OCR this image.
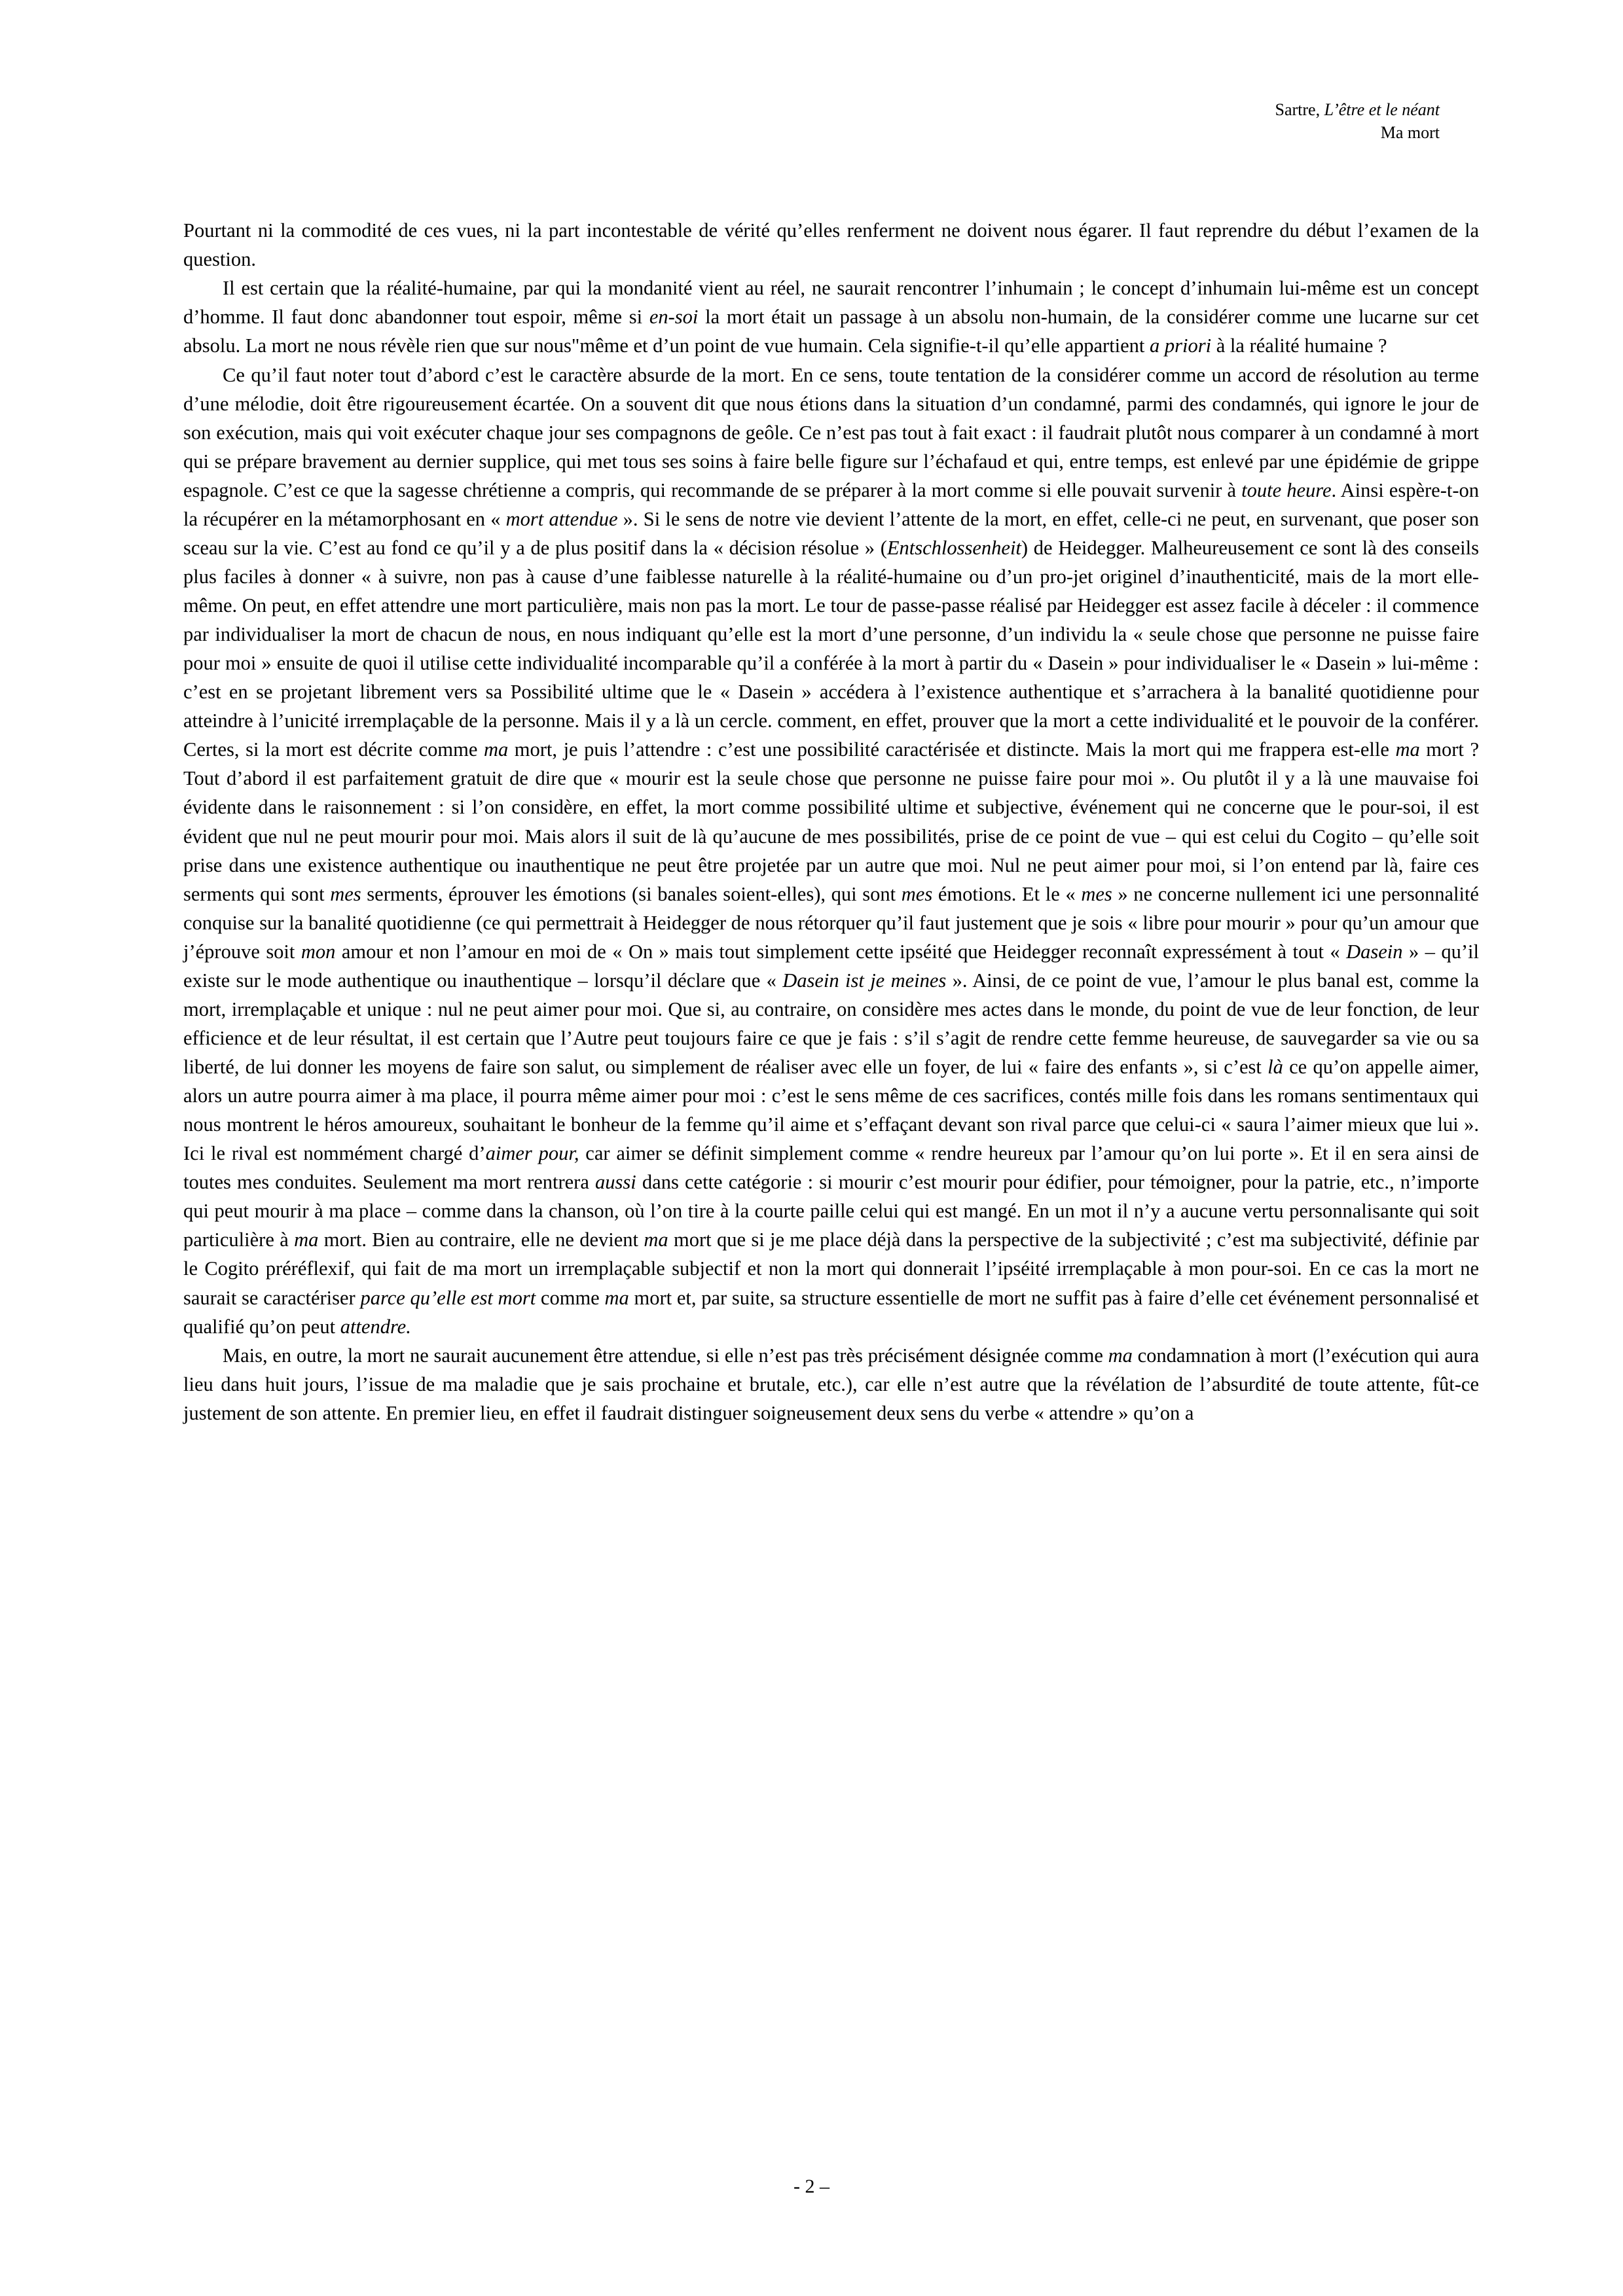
Sartre, L’être et le néant
Ma mort

Pourtant ni la commodité de ces vues, ni la part incontestable de vérité qu’elles renferment ne doivent nous égarer. Il faut reprendre du début l’examen de la question.

Il est certain que la réalité-humaine, par qui la mondanité vient au réel, ne saurait rencontrer l’inhumain ; le concept d’inhumain lui-même est un concept d’homme. Il faut donc abandonner tout espoir, même si en-soi la mort était un passage à un absolu non-humain, de la considérer comme une lucarne sur cet absolu. La mort ne nous révèle rien que sur nous"même et d’un point de vue humain. Cela signifie-t-il qu’elle appartient a priori à la réalité humaine ?

Ce qu’il faut noter tout d’abord c’est le caractère absurde de la mort. En ce sens, toute tentation de la considérer comme un accord de résolution au terme d’une mélodie, doit être rigoureusement écartée. On a souvent dit que nous étions dans la situation d’un condamné, parmi des condamnés, qui ignore le jour de son exécution, mais qui voit exécuter chaque jour ses compagnons de geôle. Ce n’est pas tout à fait exact : il faudrait plutôt nous comparer à un condamné à mort qui se prépare bravement au dernier supplice, qui met tous ses soins à faire belle figure sur l’échafaud et qui, entre temps, est enlevé par une épidémie de grippe espagnole. C’est ce que la sagesse chrétienne a compris, qui recommande de se préparer à la mort comme si elle pouvait survenir à toute heure. Ainsi espère-t-on la récupérer en la métamorphosant en « mort attendue ». Si le sens de notre vie devient l’attente de la mort, en effet, celle-ci ne peut, en survenant, que poser son sceau sur la vie. C’est au fond ce qu’il y a de plus positif dans la « décision résolue » (Entschlossenheit) de Heidegger. Malheureusement ce sont là des conseils plus faciles à donner « à suivre, non pas à cause d’une faiblesse naturelle à la réalité-humaine ou d’un pro-jet originel d’inauthenticité, mais de la mort elle-même. On peut, en effet attendre une mort particulière, mais non pas la mort. Le tour de passe-passe réalisé par Heidegger est assez facile à déceler : il commence par individualiser la mort de chacun de nous, en nous indiquant qu’elle est la mort d’une personne, d’un individu la « seule chose que personne ne puisse faire pour moi » ensuite de quoi il utilise cette individualité incomparable qu’il a conférée à la mort à partir du « Dasein » pour individualiser le « Dasein » lui-même : c’est en se projetant librement vers sa Possibilité ultime que le « Dasein » accédera à l’existence authentique et s’arrachera à la banalité quotidienne pour atteindre à l’unicité irremplaçable de la personne. Mais il y a là un cercle. comment, en effet, prouver que la mort a cette individualité et le pouvoir de la conférer. Certes, si la mort est décrite comme ma mort, je puis l’attendre : c’est une possibilité caractérisée et distincte. Mais la mort qui me frappera est-elle ma mort ? Tout d’abord il est parfaitement gratuit de dire que « mourir est la seule chose que personne ne puisse faire pour moi ». Ou plutôt il y a là une mauvaise foi évidente dans le raisonnement : si l’on considère, en effet, la mort comme possibilité ultime et subjective, événement qui ne concerne que le pour-soi, il est évident que nul ne peut mourir pour moi. Mais alors il suit de là qu’aucune de mes possibilités, prise de ce point de vue – qui est celui du Cogito – qu’elle soit prise dans une existence authentique ou inauthentique ne peut être projetée par un autre que moi. Nul ne peut aimer pour moi, si l’on entend par là, faire ces serments qui sont mes serments, éprouver les émotions (si banales soient-elles), qui sont mes émotions. Et le « mes » ne concerne nullement ici une personnalité conquise sur la banalité quotidienne (ce qui permettrait à Heidegger de nous rétorquer qu’il faut justement que je sois « libre pour mourir » pour qu’un amour que j’éprouve soit mon amour et non l’amour en moi de « On » mais tout simplement cette ipséité que Heidegger reconnaît expressément à tout « Dasein » – qu’il existe sur le mode authentique ou inauthentique – lorsqu’il déclare que « Dasein ist je meines ». Ainsi, de ce point de vue, l’amour le plus banal est, comme la mort, irremplaçable et unique : nul ne peut aimer pour moi. Que si, au contraire, on considère mes actes dans le monde, du point de vue de leur fonction, de leur efficience et de leur résultat, il est certain que l’Autre peut toujours faire ce que je fais : s’il s’agit de rendre cette femme heureuse, de sauvegarder sa vie ou sa liberté, de lui donner les moyens de faire son salut, ou simplement de réaliser avec elle un foyer, de lui « faire des enfants », si c’est là ce qu’on appelle aimer, alors un autre pourra aimer à ma place, il pourra même aimer pour moi : c’est le sens même de ces sacrifices, contés mille fois dans les romans sentimentaux qui nous montrent le héros amoureux, souhaitant le bonheur de la femme qu’il aime et s’effaçant devant son rival parce que celui-ci « saura l’aimer mieux que lui ». Ici le rival est nommément chargé d’aimer pour, car aimer se définit simplement comme « rendre heureux par l’amour qu’on lui porte ». Et il en sera ainsi de toutes mes conduites. Seulement ma mort rentrera aussi dans cette catégorie : si mourir c’est mourir pour édifier, pour témoigner, pour la patrie, etc., n’importe qui peut mourir à ma place – comme dans la chanson, où l’on tire à la courte paille celui qui est mangé. En un mot il n’y a aucune vertu personnalisante qui soit particulière à ma mort. Bien au contraire, elle ne devient ma mort que si je me place déjà dans la perspective de la subjectivité ; c’est ma subjectivité, définie par le Cogito préréflexif, qui fait de ma mort un irremplaçable subjectif et non la mort qui donnerait l’ipséité irremplaçable à mon pour-soi. En ce cas la mort ne saurait se caractériser parce qu’elle est mort comme ma mort et, par suite, sa structure essentielle de mort ne suffit pas à faire d’elle cet événement personnalisé et qualifié qu’on peut attendre.

Mais, en outre, la mort ne saurait aucunement être attendue, si elle n’est pas très précisément désignée comme ma condamnation à mort (l’exécution qui aura lieu dans huit jours, l’issue de ma maladie que je sais prochaine et brutale, etc.), car elle n’est autre que la révélation de l’absurdité de toute attente, fût-ce justement de son attente. En premier lieu, en effet il faudrait distinguer soigneusement deux sens du verbe « attendre » qu’on a

- 2 –
